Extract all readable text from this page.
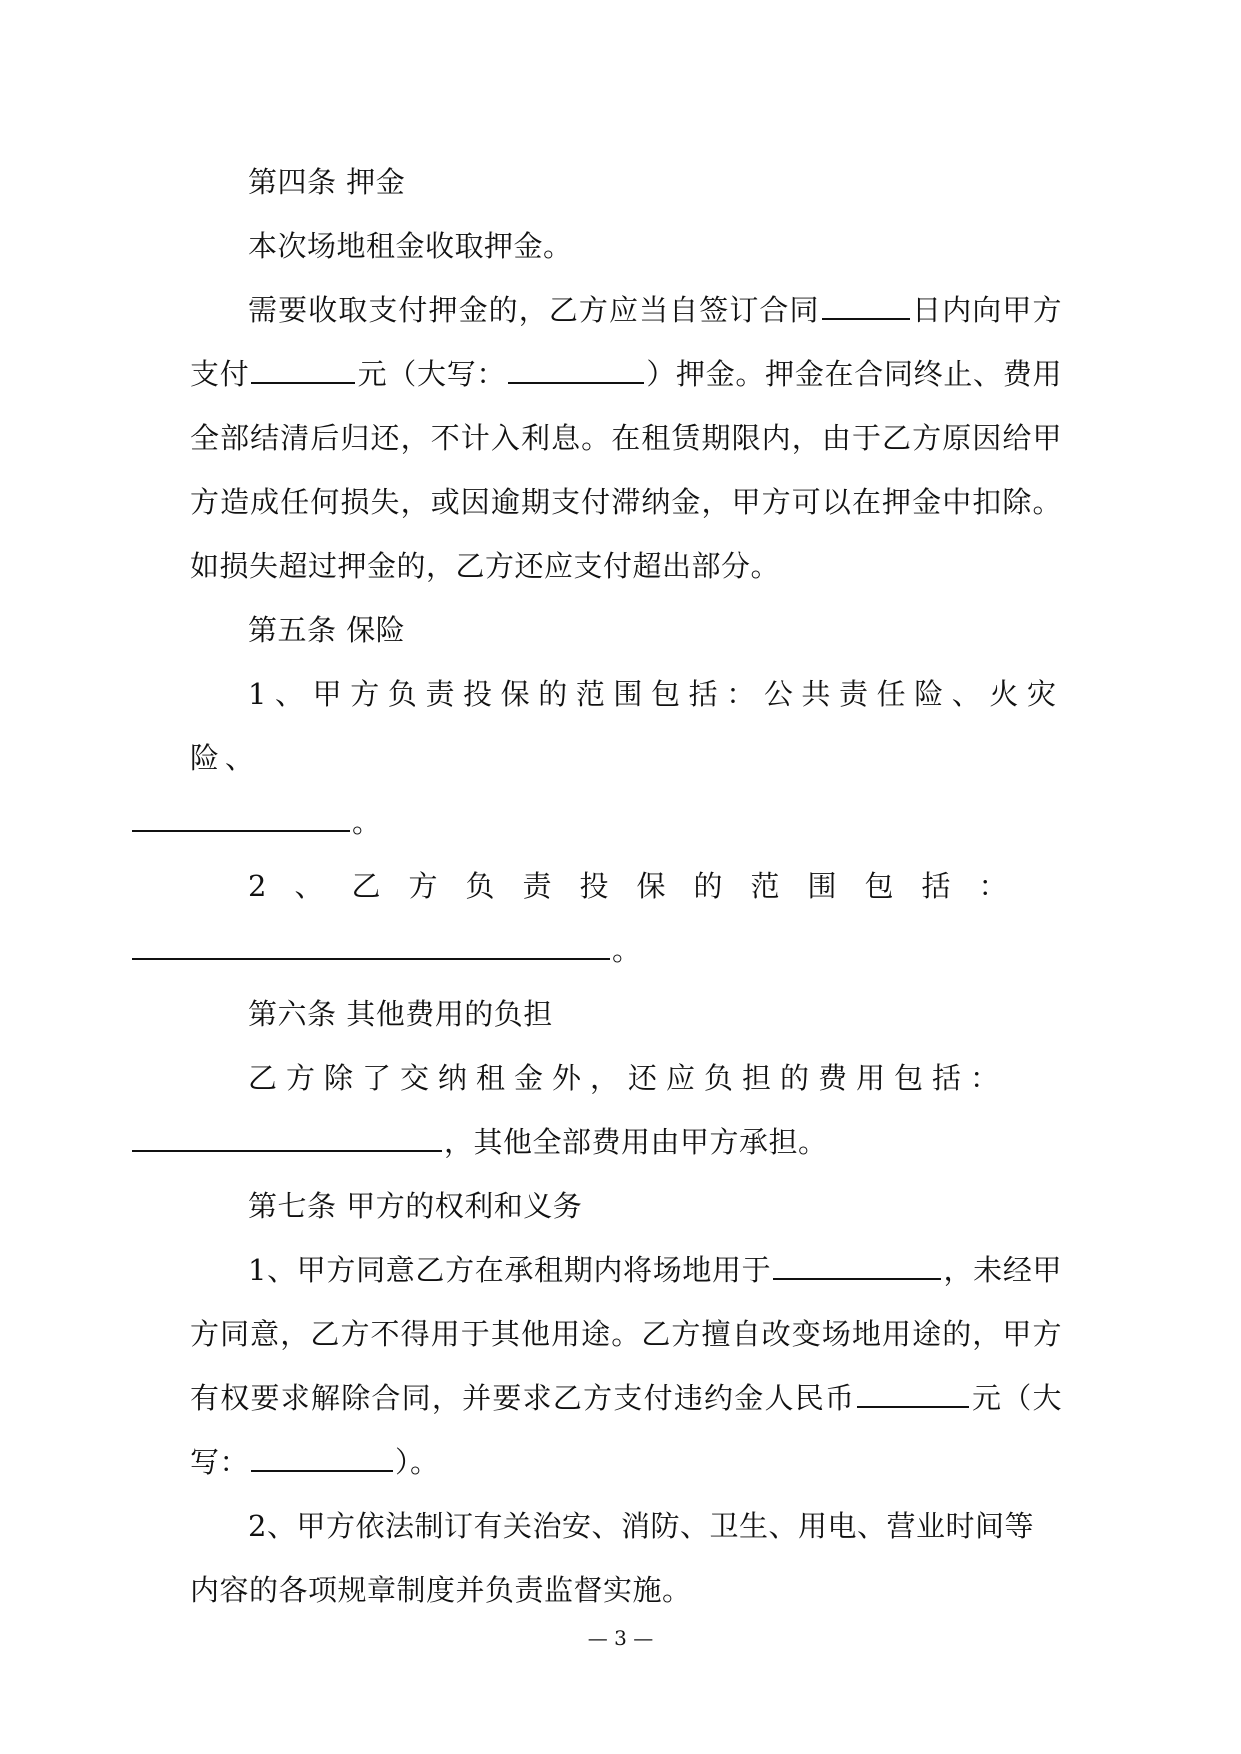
第四条 押金

本次场地租金收取押金。

需要收取支付押金的，乙方应当自签订合同	日内向甲方支付	元（大写：	）押金。押金在合同终止、费用全部结清后归还，不计入利息。在租赁期限内，由于乙方原因给甲方造成任何损失，或因逾期支付滞纳金，甲方可以在押金中扣除。如损失超过押金的，乙方还应支付超出部分。

第五条 保险

1、甲方负责投保的范围包括：公共责任险、火灾险、
。

2、乙方负责投保的范围包括：
。

第六条 其他费用的负担

乙方除了交纳租金外，还应负担的费用包括：
，其他全部费用由甲方承担。

第七条 甲方的权利和义务

1、甲方同意乙方在承租期内将场地用于	，未经甲方同意，乙方不得用于其他用途。乙方擅自改变场地用途的，甲方有权要求解除合同，并要求乙方支付违约金人民币	元（大写：	）。

2、甲方依法制订有关治安、消防、卫生、用电、营业时间等内容的各项规章制度并负责监督实施。

— 3 —
